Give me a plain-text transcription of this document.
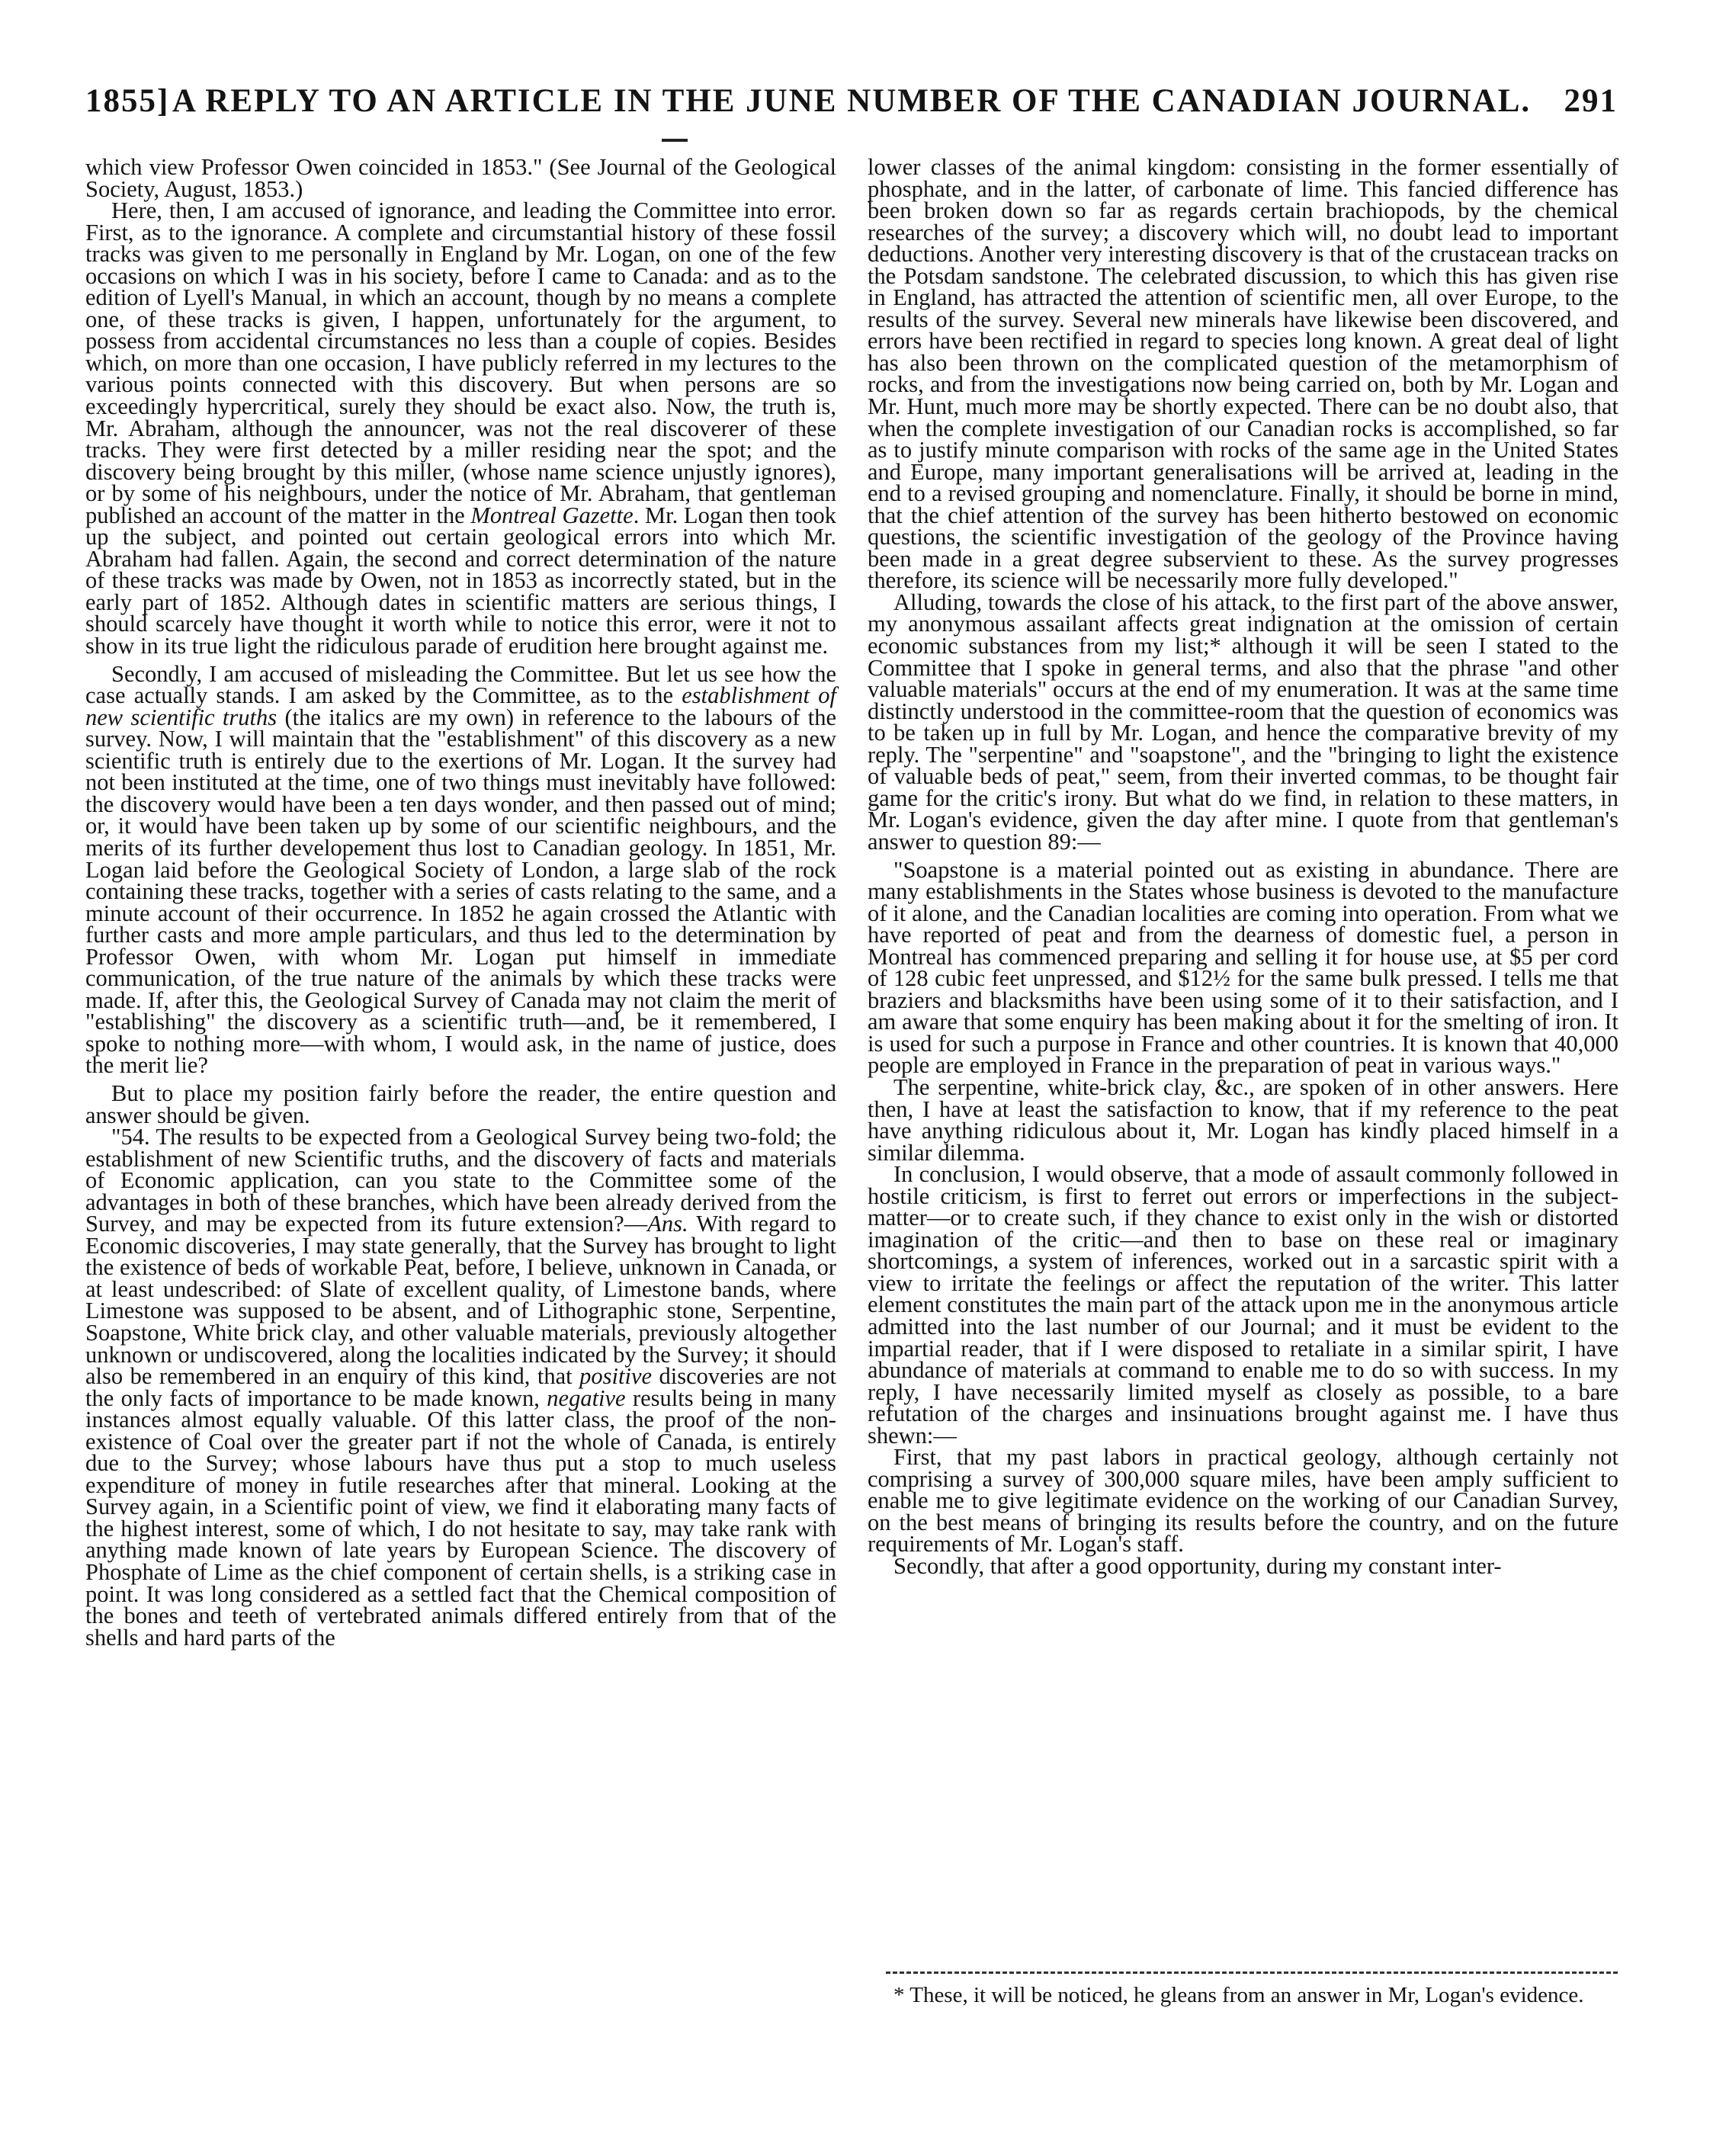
1855] A REPLY TO AN ARTICLE IN THE JUNE NUMBER OF THE CANADIAN JOURNAL.	291

which view Professor Owen coincided in 1853." (See Journal of the Geological Society, August, 1853.)

Here, then, I am accused of ignorance, and leading the Committee into error. First, as to the ignorance. A complete and circumstantial history of these fossil tracks was given to me personally in England by Mr. Logan, on one of the few occasions on which I was in his society, before I came to Canada: and as to the edition of Lyell's Manual, in which an account, though by no means a complete one, of these tracks is given, I happen, unfortunately for the argument, to possess from accidental circumstances no less than a couple of copies. Besides which, on more than one occasion, I have publicly referred in my lectures to the various points connected with this discovery. But when persons are so exceedingly hypercritical, surely they should be exact also. Now, the truth is, Mr. Abraham, although the announcer, was not the real discoverer of these tracks. They were first detected by a miller residing near the spot; and the discovery being brought by this miller, (whose name science unjustly ignores), or by some of his neighbours, under the notice of Mr. Abraham, that gentleman published an account of the matter in the Montreal Gazette. Mr. Logan then took up the subject, and pointed out certain geological errors into which Mr. Abraham had fallen. Again, the second and correct determination of the nature of these tracks was made by Owen, not in 1853 as incorrectly stated, but in the early part of 1852. Although dates in scientific matters are serious things, I should scarcely have thought it worth while to notice this error, were it not to show in its true light the ridiculous parade of erudition here brought against me.

Secondly, I am accused of misleading the Committee. But let us see how the case actually stands. I am asked by the Committee, as to the establishment of new scientific truths (the italics are my own) in reference to the labours of the survey. Now, I will maintain that the "establishment" of this discovery as a new scientific truth is entirely due to the exertions of Mr. Logan. It the survey had not been instituted at the time, one of two things must inevitably have followed: the discovery would have been a ten days wonder, and then passed out of mind; or, it would have been taken up by some of our scientific neighbours, and the merits of its further developement thus lost to Canadian geology. In 1851, Mr. Logan laid before the Geological Society of London, a large slab of the rock containing these tracks, together with a series of casts relating to the same, and a minute account of their occurrence. In 1852 he again crossed the Atlantic with further casts and more ample particulars, and thus led to the determination by Professor Owen, with whom Mr. Logan put himself in immediate communication, of the true nature of the animals by which these tracks were made. If, after this, the Geological Survey of Canada may not claim the merit of "establishing" the discovery as a scientific truth—and, be it remembered, I spoke to nothing more—with whom, I would ask, in the name of justice, does the merit lie?

But to place my position fairly before the reader, the entire question and answer should be given.

"54. The results to be expected from a Geological Survey being two-fold; the establishment of new Scientific truths, and the discovery of facts and materials of Economic application, can you state to the Committee some of the advantages in both of these branches, which have been already derived from the Survey, and may be expected from its future extension?—Ans. With regard to Economic discoveries, I may state generally, that the Survey has brought to light the existence of beds of workable Peat, before, I believe, unknown in Canada, or at least undescribed: of Slate of excellent quality, of Limestone bands, where Limestone was supposed to be absent, and of Lithographic stone, Serpentine, Soapstone, White brick clay, and other valuable materials, previously altogether unknown or undiscovered, along the localities indicated by the Survey; it should also be remembered in an enquiry of this kind, that positive discoveries are not the only facts of importance to be made known, negative results being in many instances almost equally valuable. Of this latter class, the proof of the non-existence of Coal over the greater part if not the whole of Canada, is entirely due to the Survey; whose labours have thus put a stop to much useless expenditure of money in futile researches after that mineral. Looking at the Survey again, in a Scientific point of view, we find it elaborating many facts of the highest interest, some of which, I do not hesitate to say, may take rank with anything made known of late years by European Science. The discovery of Phosphate of Lime as the chief component of certain shells, is a striking case in point. It was long considered as a settled fact that the Chemical composition of the bones and teeth of vertebrated animals differed entirely from that of the shells and hard parts of the

lower classes of the animal kingdom: consisting in the former essentially of phosphate, and in the latter, of carbonate of lime. This fancied difference has been broken down so far as regards certain brachiopods, by the chemical researches of the survey; a discovery which will, no doubt lead to important deductions. Another very interesting discovery is that of the crustacean tracks on the Potsdam sandstone. The celebrated discussion, to which this has given rise in England, has attracted the attention of scientific men, all over Europe, to the results of the survey. Several new minerals have likewise been discovered, and errors have been rectified in regard to species long known. A great deal of light has also been thrown on the complicated question of the metamorphism of rocks, and from the investigations now being carried on, both by Mr. Logan and Mr. Hunt, much more may be shortly expected. There can be no doubt also, that when the complete investigation of our Canadian rocks is accomplished, so far as to justify minute comparison with rocks of the same age in the United States and Europe, many important generalisations will be arrived at, leading in the end to a revised grouping and nomenclature. Finally, it should be borne in mind, that the chief attention of the survey has been hitherto bestowed on economic questions, the scientific investigation of the geology of the Province having been made in a great degree subservient to these. As the survey progresses therefore, its science will be necessarily more fully developed."

Alluding, towards the close of his attack, to the first part of the above answer, my anonymous assailant affects great indignation at the omission of certain economic substances from my list;* although it will be seen I stated to the Committee that I spoke in general terms, and also that the phrase "and other valuable materials" occurs at the end of my enumeration. It was at the same time distinctly understood in the committee-room that the question of economics was to be taken up in full by Mr. Logan, and hence the comparative brevity of my reply. The "serpentine" and "soapstone", and the "bringing to light the existence of valuable beds of peat," seem, from their inverted commas, to be thought fair game for the critic's irony. But what do we find, in relation to these matters, in Mr. Logan's evidence, given the day after mine. I quote from that gentleman's answer to question 89:—

"Soapstone is a material pointed out as existing in abundance. There are many establishments in the States whose business is devoted to the manufacture of it alone, and the Canadian localities are coming into operation. From what we have reported of peat and from the dearness of domestic fuel, a person in Montreal has commenced preparing and selling it for house use, at $5 per cord of 128 cubic feet unpressed, and $12½ for the same bulk pressed. I tells me that braziers and blacksmiths have been using some of it to their satisfaction, and I am aware that some enquiry has been making about it for the smelting of iron. It is used for such a purpose in France and other countries. It is known that 40,000 people are employed in France in the preparation of peat in various ways."

The serpentine, white-brick clay, &c., are spoken of in other answers. Here then, I have at least the satisfaction to know, that if my reference to the peat have anything ridiculous about it, Mr. Logan has kindly placed himself in a similar dilemma.

In conclusion, I would observe, that a mode of assault commonly followed in hostile criticism, is first to ferret out errors or imperfections in the subject-matter—or to create such, if they chance to exist only in the wish or distorted imagination of the critic—and then to base on these real or imaginary shortcomings, a system of inferences, worked out in a sarcastic spirit with a view to irritate the feelings or affect the reputation of the writer. This latter element constitutes the main part of the attack upon me in the anonymous article admitted into the last number of our Journal; and it must be evident to the impartial reader, that if I were disposed to retaliate in a similar spirit, I have abundance of materials at command to enable me to do so with success. In my reply, I have necessarily limited myself as closely as possible, to a bare refutation of the charges and insinuations brought against me. I have thus shewn:—

First, that my past labors in practical geology, although certainly not comprising a survey of 300,000 square miles, have been amply sufficient to enable me to give legitimate evidence on the working of our Canadian Survey, on the best means of bringing its results before the country, and on the future requirements of Mr. Logan's staff.

Secondly, that after a good opportunity, during my constant inter-

* These, it will be noticed, he gleans from an answer in Mr, Logan's evidence.
